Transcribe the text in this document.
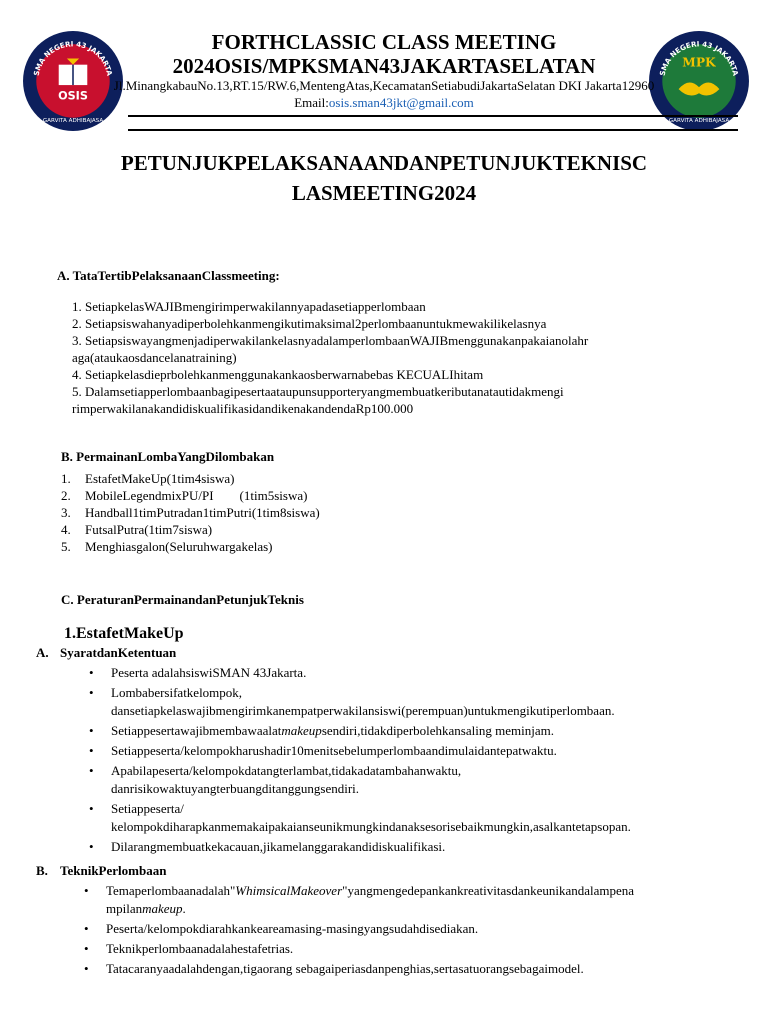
SMA NEGERI 43 JAKARTA
OSIS
GARVITA ADHIBAJASA
SMA NEGERI 43 JAKARTA
MPK
GARVITA ADHIBAJASA
FORTHCLASSIC CLASS MEETING
2024OSIS/MPKSMAN43JAKARTASELATAN
Jl.MinangkabauNo.13,RT.15/RW.6,MentengAtas,KecamatanSetiabudiJakartaSelatan DKI Jakarta12960
Email:osis.sman43jkt@gmail.com
PETUNJUKPELAKSANAANDANPETUNJUKTEKNISC
LASMEETING2024
A. TataTertibPelaksanaanClassmeeting:
1. SetiapkelasWAJIBmengirimperwakilannyapadasetiapperlombaan
2. Setiapsiswahanyadiperbolehkanmengikutimaksimal2perlombaanuntukmewakilikelasnya
3. SetiapsiswayangmenjadiperwakilankelasnyadalamperlombaanWAJIBmenggunakanpakaianolahr
aga(ataukaosdancelanatraining)
4. Setiapkelasdieprbolehkanmenggunakankaosberwarnabebas KECUALIhitam
5. Dalamsetiapperlombaanbagipesertaataupunsupporteryangmembuatkeributanatautidakmengi
rimperwakilanakandidiskualifikasidandikenakandendaRp100.000
B. PermainanLombaYangDilombakan
1.	EstafetMakeUp(1tim4siswa)
2.	MobileLegendmixPU/PI        (1tim5siswa)
3.	Handball1timPutradan1timPutri(1tim8siswa)
4.	FutsalPutra(1tim7siswa)
5.	Menghiasgalon(Seluruhwargakelas)
C. PeraturanPermainandanPetunjukTeknis
1.EstafetMakeUp
A. SyaratdanKetentuan
• Peserta adalahsiswiSMAN 43Jakarta.
• Lombabersifatkelompok,
dansetiapkelaswajibmengirimkanempatperwakilansiswi(perempuan)untukmengikutiperlombaan.
• Setiappesertawajibmembawaalatmakeupsendiri,tidakdiperbolehkansaling meminjam.
• Setiappeserta/kelompokharushadir10menitsebelumperlombaandimulaidantepatwaktu.
• Apabilapeserta/kelompokdatangterlambat,tidakadatambahanwaktu,
danrisikowaktuyangterbuangditanggungsendiri.
• Setiappeserta/
kelompokdiharapkanmemakaipakaianseunikmungkindanaksesorisebaikmungkin,asalkantetapsopan.
• Dilarangmembuatkekacauan,jikamelanggarakandidiskualifikasi.
B. TeknikPerlombaan
• Temaperlombaanadalah"WhimsicalMakeover"yangmengedepankankreativitasdankeunikandalampena
mpilanmakeup.
• Peserta/kelompokdiarahkankeareamasing-masingyangsudahdisediakan.
• Teknikperlombaanadalahestafetrias.
• Tatacaranyaadalahdengan,tigaorang sebagaiperiasdanpenghias,sertasatuorangsebagaimodel.
